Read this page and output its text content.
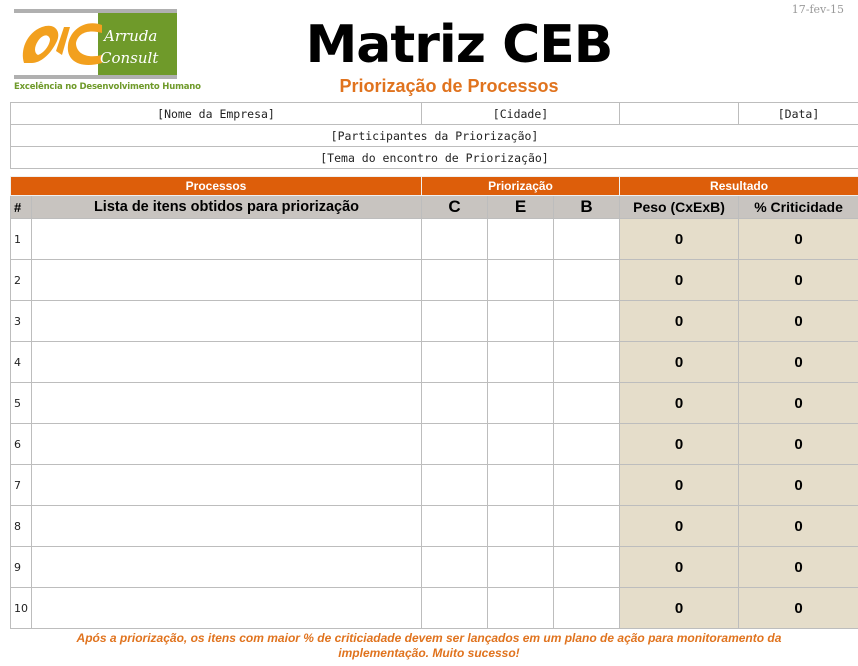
17-fev-15
Arruda
Consult
Excelência no Desenvolvimento Humano
Matriz CEB
Priorização de Processos
[Nome da Empresa]	[Cidade]		[Data]
[Participantes da Priorização]
[Tema do encontro de Priorização]
Processos		Priorização			Resultado	
#	Lista de itens obtidos para priorização	C	E	B	Peso (CxExB)	% Criticidade
1					0	0
2					0	0
3					0	0
4					0	0
5					0	0
6					0	0
7					0	0
8					0	0
9					0	0
10					0	0
Após a priorização, os itens com maior % de criticiadade devem ser lançados em um plano de ação para monitoramento da implementação. Muito sucesso!
